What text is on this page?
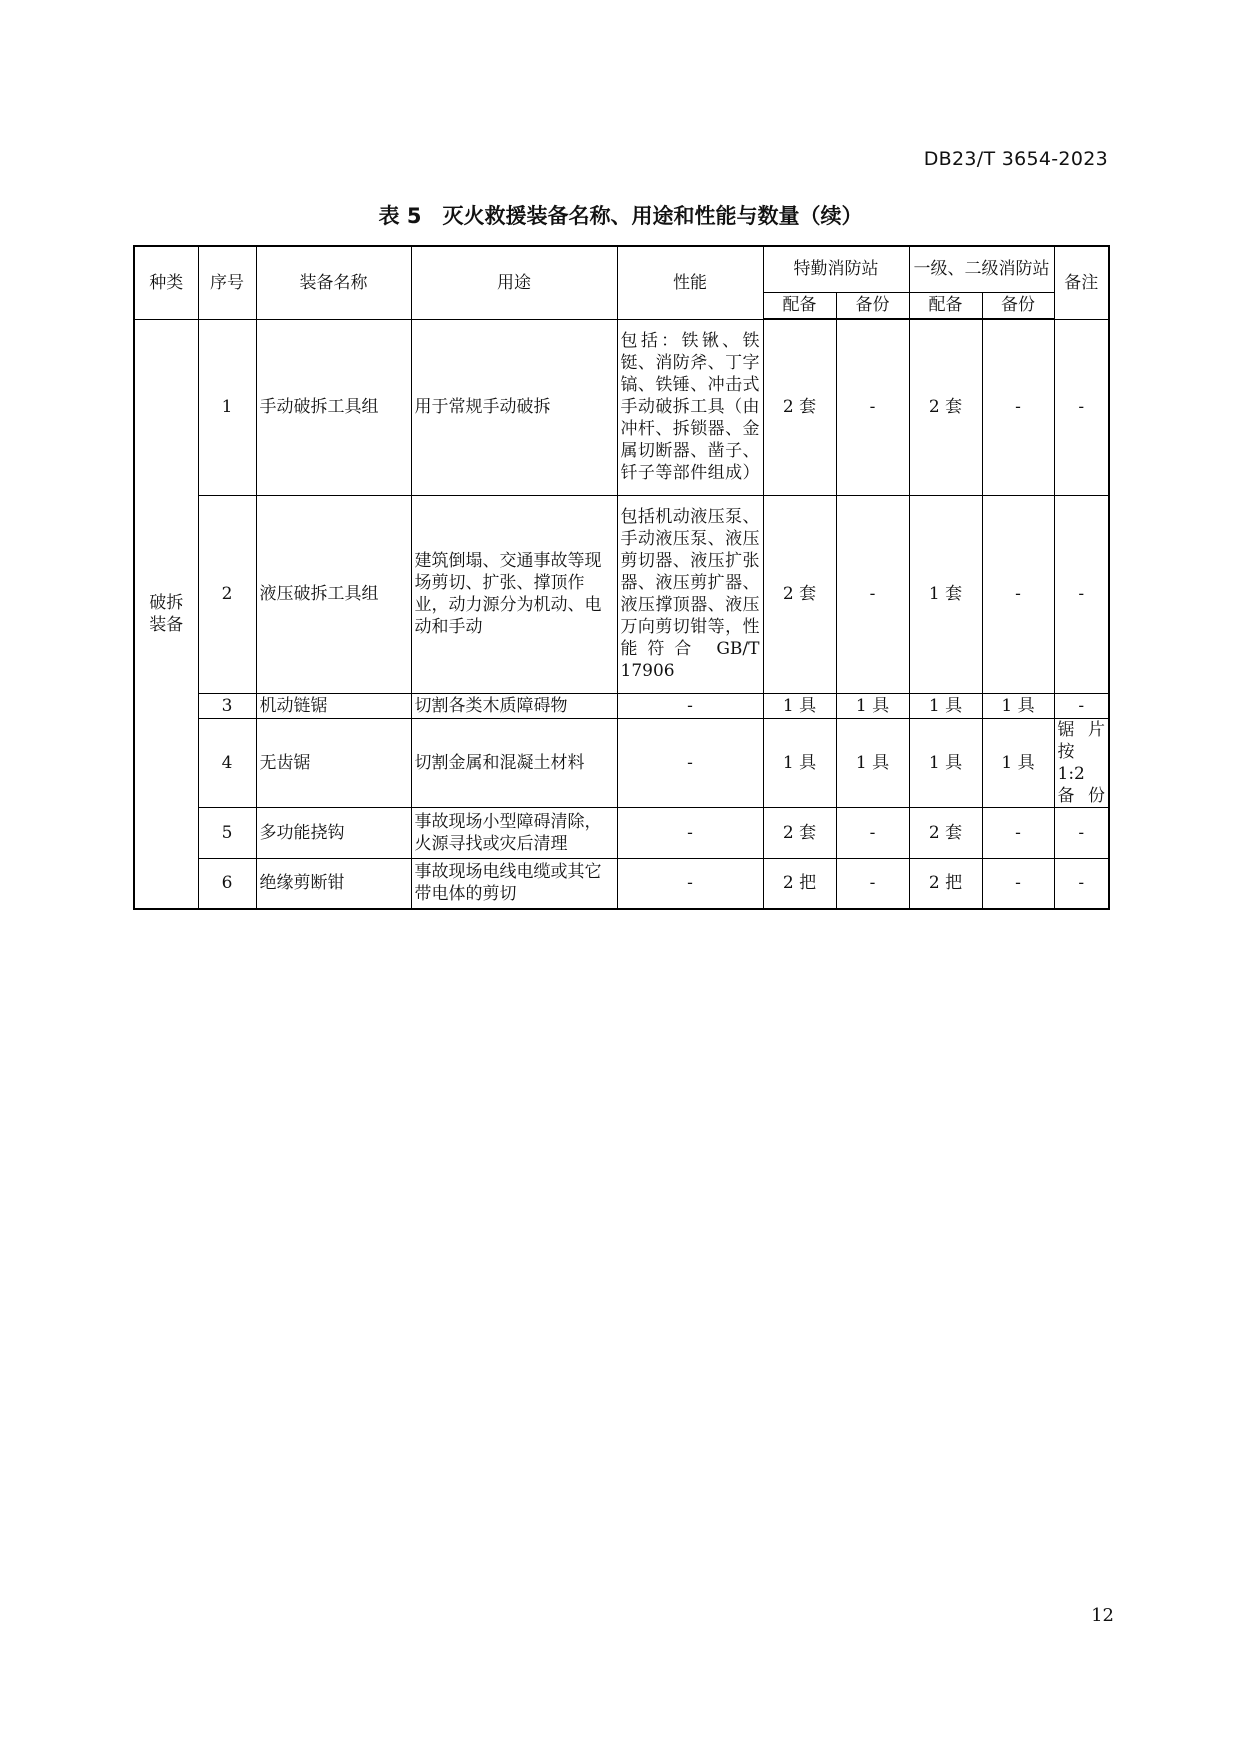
DB23/T 3654-2023
表 5　灭火救援装备名称、用途和性能与数量（续）
种类	序号	装备名称	用途	性能	特勤消防站		一级、二级消防站		备注
					配备	备份	配备	备份	
破拆装备	1	手动破拆工具组	用于常规手动破拆	包括：铁锹、铁铤、消防斧、丁字镐、铁锤、冲击式手动破拆工具（由冲杆、拆锁器、金属切断器、凿子、钎子等部件组成）	2 套	-	2 套	-	-
	2	液压破拆工具组	建筑倒塌、交通事故等现场剪切、扩张、撑顶作业，动力源分为机动、电动和手动	包括机动液压泵、手动液压泵、液压剪切器、液压扩张器、液压剪扩器、液压撑顶器、液压万向剪切钳等，性能符合 GB/T 17906	2 套	-	1 套	-	-
	3	机动链锯	切割各类木质障碍物	-	1 具	1 具	1 具	1 具	-
	4	无齿锯	切割金属和混凝土材料	-	1 具	1 具	1 具	1 具	锯片按 1:2 备份
	5	多功能挠钩	事故现场小型障碍清除，火源寻找或灾后清理	-	2 套	-	2 套	-	-
	6	绝缘剪断钳	事故现场电线电缆或其它带电体的剪切	-	2 把	-	2 把	-	-
12
